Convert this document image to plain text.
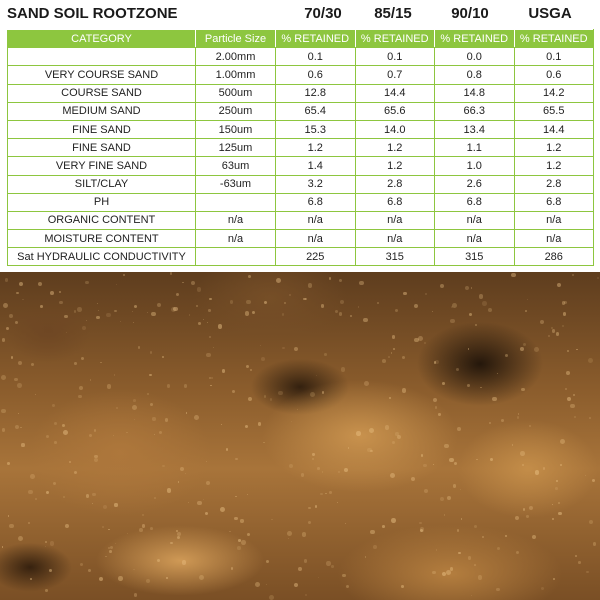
SAND SOIL ROOTZONE	70/30	85/15	90/10	USGA
CATEGORY	Particle Size	% RETAINED	% RETAINED	% RETAINED	% RETAINED
	2.00mm	0.1	0.1	0.0	0.1
VERY COURSE SAND	1.00mm	0.6	0.7	0.8	0.6
COURSE SAND	500um	12.8	14.4	14.8	14.2
MEDIUM SAND	250um	65.4	65.6	66.3	65.5
FINE SAND	150um	15.3	14.0	13.4	14.4
FINE SAND	125um	1.2	1.2	1.1	1.2
VERY FINE SAND	63um	1.4	1.2	1.0	1.2
SILT/CLAY	-63um	3.2	2.8	2.6	2.8
PH		6.8	6.8	6.8	6.8
ORGANIC CONTENT	n/a	n/a	n/a	n/a	n/a
MOISTURE CONTENT	n/a	n/a	n/a	n/a	n/a
Sat HYDRAULIC CONDUCTIVITY		225	315	315	286
